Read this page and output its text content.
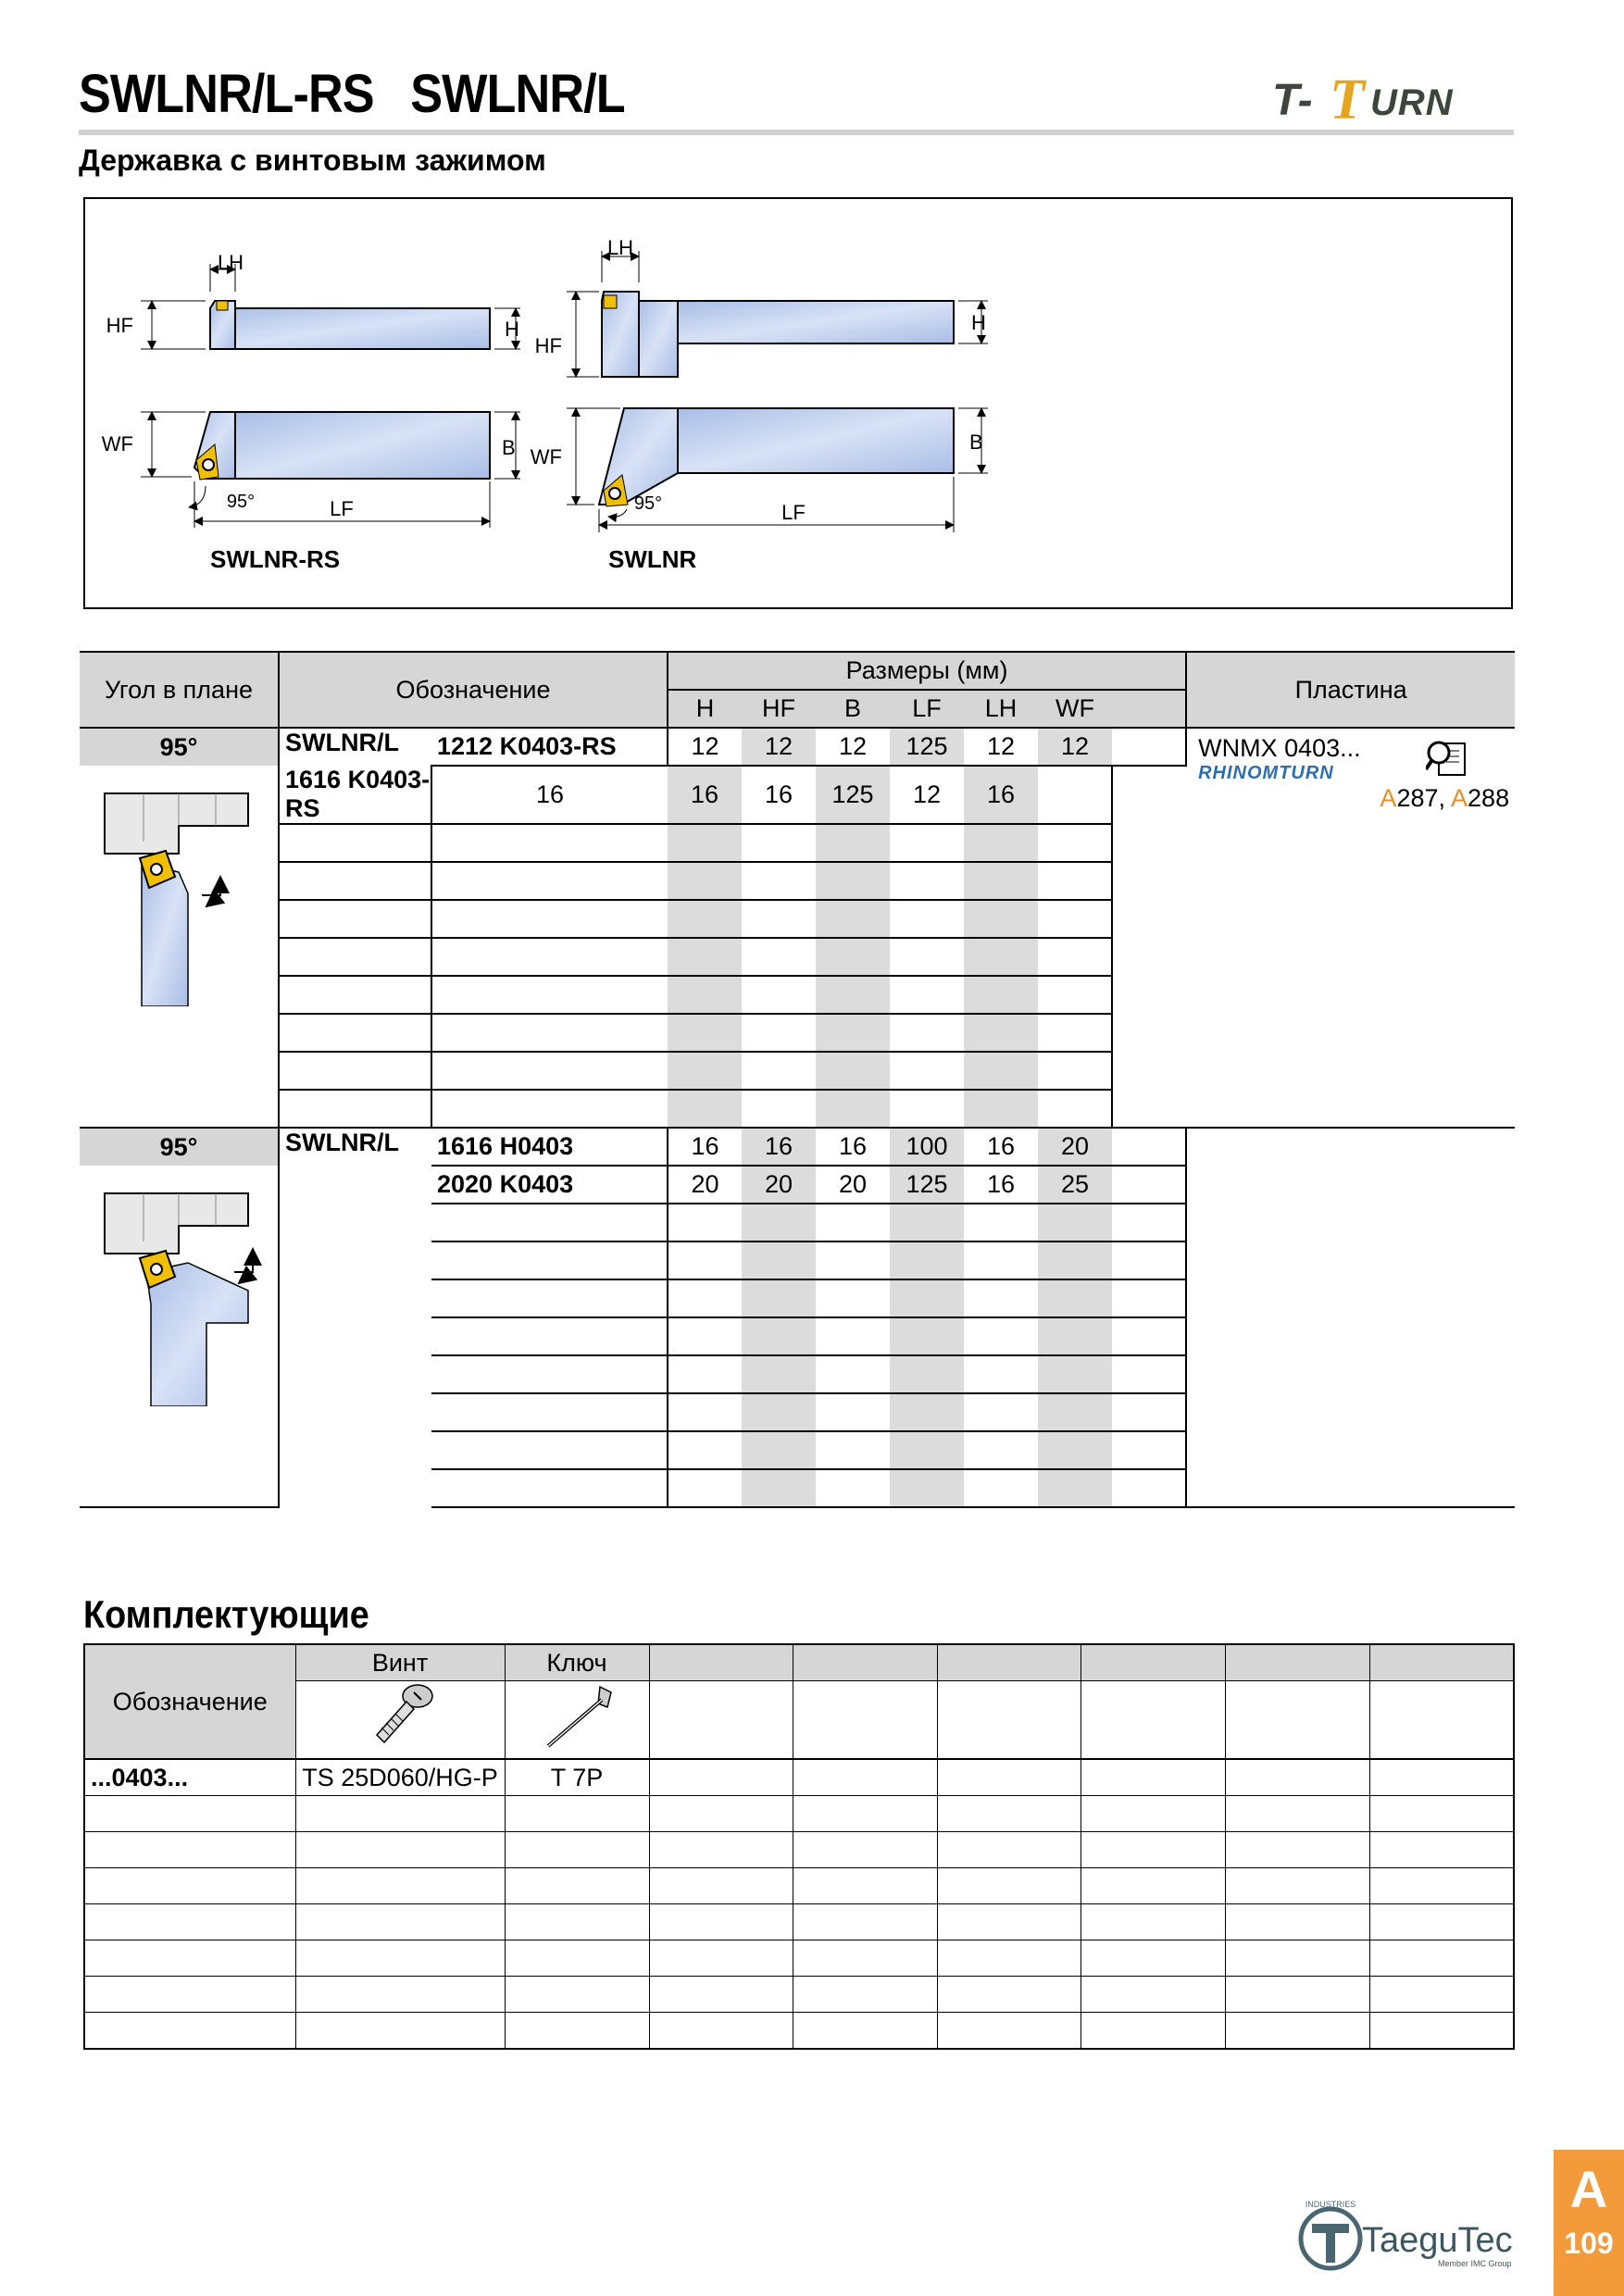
SWLNR/L-RS SWLNR/L
Державка с винтовым зажимом
T- T URN
LH
HF	H
WF	B
LF
95°
SWLNR-RS
LH
HF
H
WF
B
LF
95°
SWLNR
Угол в плане	Обозначение		Размеры (мм)							Пластина
			H	HF	B	LF	LH	WF		
95°	SWLNR/L	1212 K0403-RS	12	12	12	125	12	12		WNMX 0403...
RHINOMTURN
A287, A288

	1616 K0403-RS	16	16	16	125	12	16			

95°	SWLNR/L	1616 H0403	16	16	16	100	16	20		
	2020 K0403	20	20	20	125	16	25		

Комплектующие
Обозначение	Винт	Ключ						

...0403...	TS 25D060/HG-P	T 7P						

INDUSTRIES
TaeguTec
Member IMC Group
A
109
